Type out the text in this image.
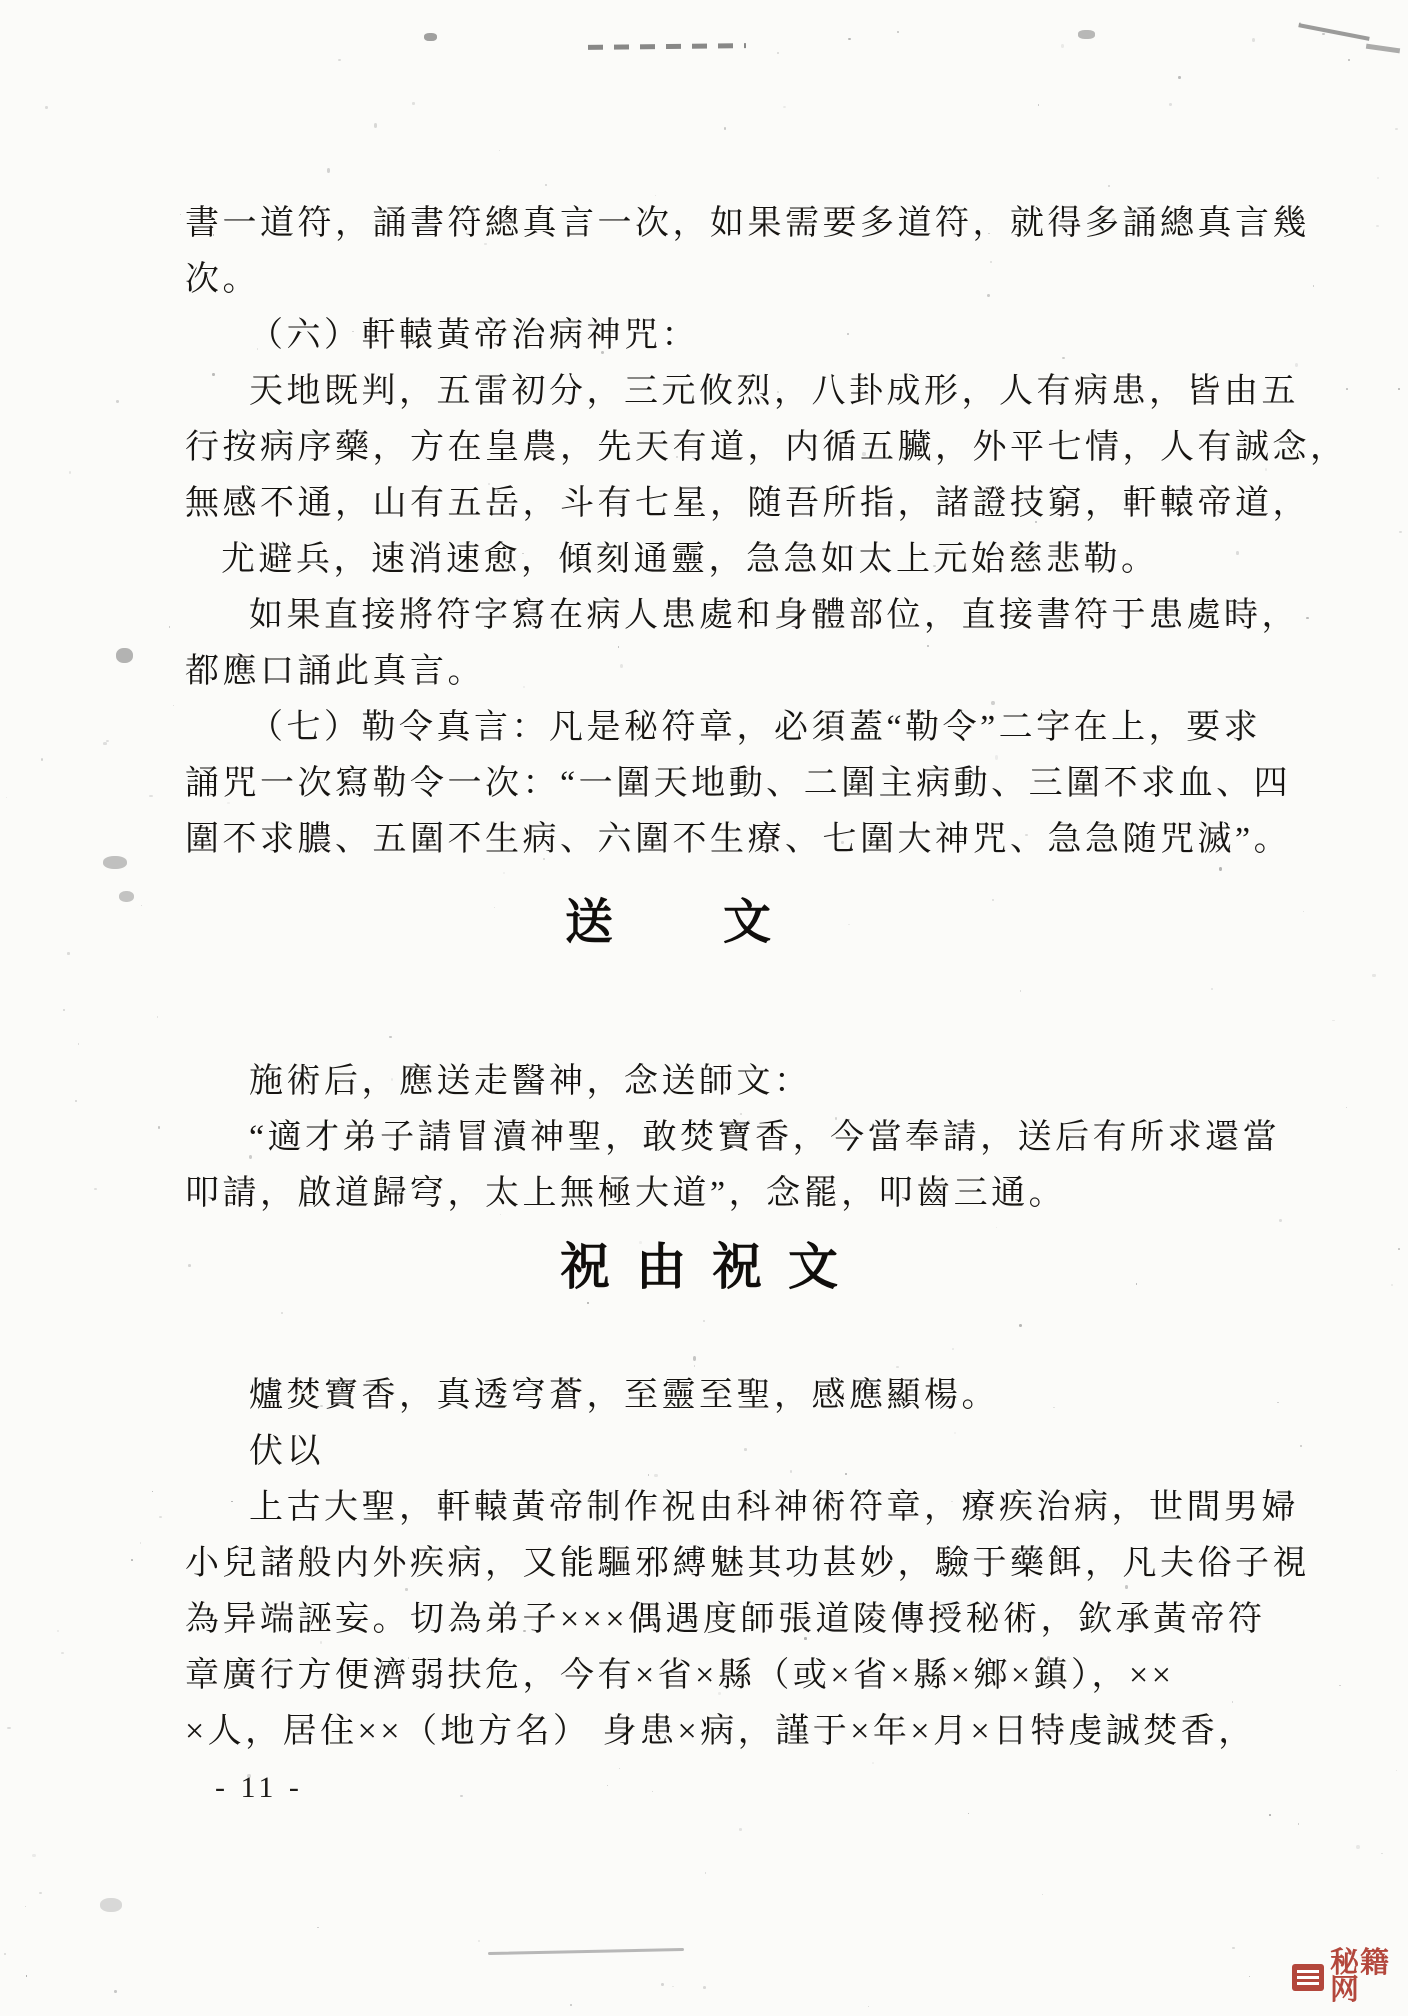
書一道符，誦書符總真言一次，如果需要多道符，就得多誦總真言幾
次。
（六）軒轅黃帝治病神咒：
天地既判，五雷初分，三元攸烈，八卦成形，人有病患，皆由五
行按病序藥，方在皇農，先天有道，内循五臟，外平七情，人有誠念，
無感不通，山有五岳，斗有七星，随吾所指，諸證技窮，軒轅帝道，
尤避兵，速消速愈，傾刻通靈，急急如太上元始慈悲勒。
如果直接將符字寫在病人患處和身體部位，直接書符于患處時，
都應口誦此真言。
（七）勒令真言：凡是秘符章，必須蓋“勒令”二字在上，要求
誦咒一次寫勒令一次：“一圍天地動、二圍主病動、三圍不求血、四
圍不求膿、五圍不生病、六圍不生療、七圍大神咒、急急随咒滅”。
送文
施術后，應送走醫神，念送師文：
“適才弟子請冒瀆神聖，敢焚寶香，今當奉請，送后有所求還當
叩請，啟道歸穹，太上無極大道”，念罷，叩齒三通。
祝由祝文
爐焚寶香，真透穹蒼，至靈至聖，感應顯楊。
伏以
上古大聖，軒轅黃帝制作祝由科神術符章，療疾治病，世間男婦
小兒諸般内外疾病，又能驅邪縛魅其功甚妙，驗于藥餌，凡夫俗子視
為异端誣妄。切為弟子×××偶遇度師張道陵傳授秘術，欽承黃帝符
章廣行方便濟弱扶危，今有×省×縣（或×省×縣×鄉×鎮），××
×人，居住××（地方名） 身患×病，謹于×年×月×日特虔誠焚香，
- 11 -
秘籍网
